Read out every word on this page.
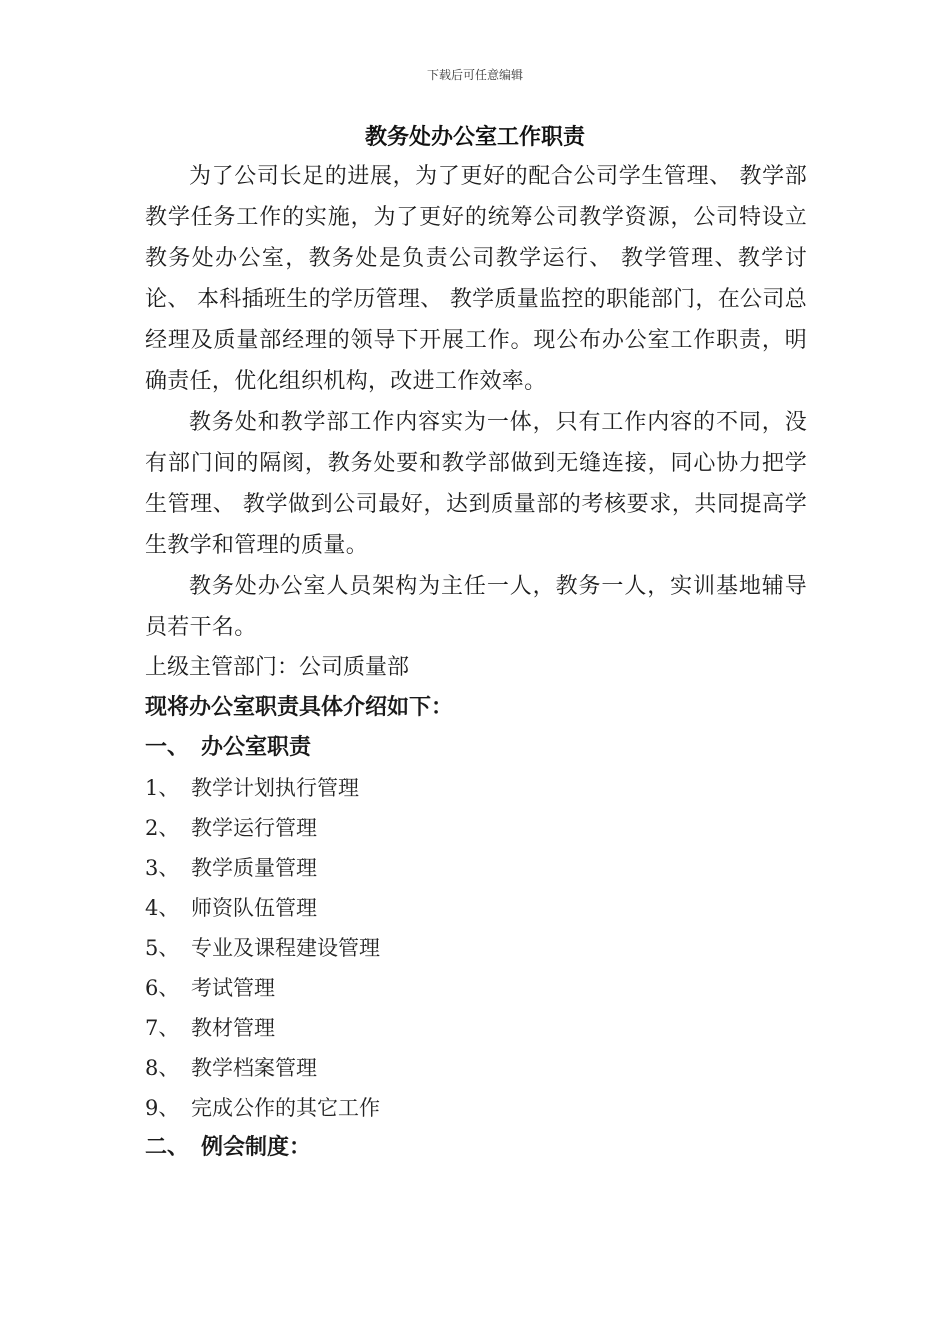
下载后可任意编辑
教务处办公室工作职责

为了公司长足的进展，为了更好的配合公司学生管理、 教学部教学任务工作的实施，为了更好的统筹公司教学资源，公司特设立教务处办公室，教务处是负责公司教学运行、 教学管理、教学讨论、 本科插班生的学历管理、 教学质量监控的职能部门，在公司总经理及质量部经理的领导下开展工作。现公布办公室工作职责，明确责任，优化组织机构，改进工作效率。

教务处和教学部工作内容实为一体，只有工作内容的不同，没有部门间的隔阂，教务处要和教学部做到无缝连接，同心协力把学生管理、 教学做到公司最好，达到质量部的考核要求，共同提高学生教学和管理的质量。

教务处办公室人员架构为主任一人，教务一人，实训基地辅导员若干名。

上级主管部门：公司质量部

现将办公室职责具体介绍如下：

一、 办公室职责

1、 教学计划执行管理

2、 教学运行管理

3、 教学质量管理

4、 师资队伍管理

5、 专业及课程建设管理

6、 考试管理

7、 教材管理

8、 教学档案管理

9、 完成公作的其它工作

二、 例会制度：
